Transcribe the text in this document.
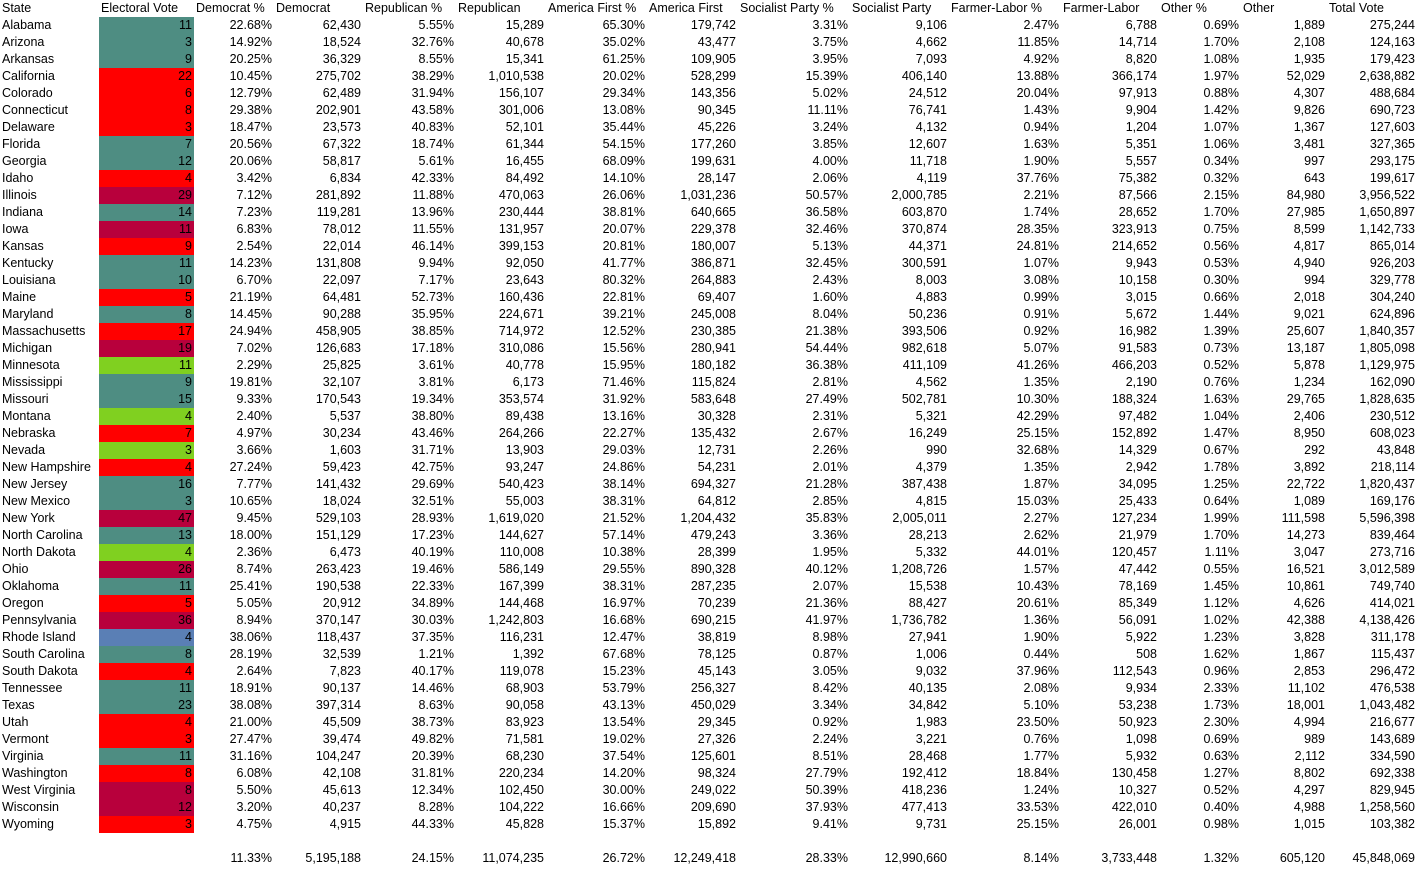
State	Electoral Vote	Democrat %	Democrat	Republican %	Republican	America First %	America First	Socialist Party %	Socialist Party	Farmer-Labor %	Farmer-Labor	Other %	Other	Total Vote
Alabama	11	22.68%	62,430	5.55%	15,289	65.30%	179,742	3.31%	9,106	2.47%	6,788	0.69%	1,889	275,244
Arizona	3	14.92%	18,524	32.76%	40,678	35.02%	43,477	3.75%	4,662	11.85%	14,714	1.70%	2,108	124,163
Arkansas	9	20.25%	36,329	8.55%	15,341	61.25%	109,905	3.95%	7,093	4.92%	8,820	1.08%	1,935	179,423
California	22	10.45%	275,702	38.29%	1,010,538	20.02%	528,299	15.39%	406,140	13.88%	366,174	1.97%	52,029	2,638,882
Colorado	6	12.79%	62,489	31.94%	156,107	29.34%	143,356	5.02%	24,512	20.04%	97,913	0.88%	4,307	488,684
Connecticut	8	29.38%	202,901	43.58%	301,006	13.08%	90,345	11.11%	76,741	1.43%	9,904	1.42%	9,826	690,723
Delaware	3	18.47%	23,573	40.83%	52,101	35.44%	45,226	3.24%	4,132	0.94%	1,204	1.07%	1,367	127,603
Florida	7	20.56%	67,322	18.74%	61,344	54.15%	177,260	3.85%	12,607	1.63%	5,351	1.06%	3,481	327,365
Georgia	12	20.06%	58,817	5.61%	16,455	68.09%	199,631	4.00%	11,718	1.90%	5,557	0.34%	997	293,175
Idaho	4	3.42%	6,834	42.33%	84,492	14.10%	28,147	2.06%	4,119	37.76%	75,382	0.32%	643	199,617
Illinois	29	7.12%	281,892	11.88%	470,063	26.06%	1,031,236	50.57%	2,000,785	2.21%	87,566	2.15%	84,980	3,956,522
Indiana	14	7.23%	119,281	13.96%	230,444	38.81%	640,665	36.58%	603,870	1.74%	28,652	1.70%	27,985	1,650,897
Iowa	11	6.83%	78,012	11.55%	131,957	20.07%	229,378	32.46%	370,874	28.35%	323,913	0.75%	8,599	1,142,733
Kansas	9	2.54%	22,014	46.14%	399,153	20.81%	180,007	5.13%	44,371	24.81%	214,652	0.56%	4,817	865,014
Kentucky	11	14.23%	131,808	9.94%	92,050	41.77%	386,871	32.45%	300,591	1.07%	9,943	0.53%	4,940	926,203
Louisiana	10	6.70%	22,097	7.17%	23,643	80.32%	264,883	2.43%	8,003	3.08%	10,158	0.30%	994	329,778
Maine	5	21.19%	64,481	52.73%	160,436	22.81%	69,407	1.60%	4,883	0.99%	3,015	0.66%	2,018	304,240
Maryland	8	14.45%	90,288	35.95%	224,671	39.21%	245,008	8.04%	50,236	0.91%	5,672	1.44%	9,021	624,896
Massachusetts	17	24.94%	458,905	38.85%	714,972	12.52%	230,385	21.38%	393,506	0.92%	16,982	1.39%	25,607	1,840,357
Michigan	19	7.02%	126,683	17.18%	310,086	15.56%	280,941	54.44%	982,618	5.07%	91,583	0.73%	13,187	1,805,098
Minnesota	11	2.29%	25,825	3.61%	40,778	15.95%	180,182	36.38%	411,109	41.26%	466,203	0.52%	5,878	1,129,975
Mississippi	9	19.81%	32,107	3.81%	6,173	71.46%	115,824	2.81%	4,562	1.35%	2,190	0.76%	1,234	162,090
Missouri	15	9.33%	170,543	19.34%	353,574	31.92%	583,648	27.49%	502,781	10.30%	188,324	1.63%	29,765	1,828,635
Montana	4	2.40%	5,537	38.80%	89,438	13.16%	30,328	2.31%	5,321	42.29%	97,482	1.04%	2,406	230,512
Nebraska	7	4.97%	30,234	43.46%	264,266	22.27%	135,432	2.67%	16,249	25.15%	152,892	1.47%	8,950	608,023
Nevada	3	3.66%	1,603	31.71%	13,903	29.03%	12,731	2.26%	990	32.68%	14,329	0.67%	292	43,848
New Hampshire	4	27.24%	59,423	42.75%	93,247	24.86%	54,231	2.01%	4,379	1.35%	2,942	1.78%	3,892	218,114
New Jersey	16	7.77%	141,432	29.69%	540,423	38.14%	694,327	21.28%	387,438	1.87%	34,095	1.25%	22,722	1,820,437
New Mexico	3	10.65%	18,024	32.51%	55,003	38.31%	64,812	2.85%	4,815	15.03%	25,433	0.64%	1,089	169,176
New York	47	9.45%	529,103	28.93%	1,619,020	21.52%	1,204,432	35.83%	2,005,011	2.27%	127,234	1.99%	111,598	5,596,398
North Carolina	13	18.00%	151,129	17.23%	144,627	57.14%	479,243	3.36%	28,213	2.62%	21,979	1.70%	14,273	839,464
North Dakota	4	2.36%	6,473	40.19%	110,008	10.38%	28,399	1.95%	5,332	44.01%	120,457	1.11%	3,047	273,716
Ohio	26	8.74%	263,423	19.46%	586,149	29.55%	890,328	40.12%	1,208,726	1.57%	47,442	0.55%	16,521	3,012,589
Oklahoma	11	25.41%	190,538	22.33%	167,399	38.31%	287,235	2.07%	15,538	10.43%	78,169	1.45%	10,861	749,740
Oregon	5	5.05%	20,912	34.89%	144,468	16.97%	70,239	21.36%	88,427	20.61%	85,349	1.12%	4,626	414,021
Pennsylvania	36	8.94%	370,147	30.03%	1,242,803	16.68%	690,215	41.97%	1,736,782	1.36%	56,091	1.02%	42,388	4,138,426
Rhode Island	4	38.06%	118,437	37.35%	116,231	12.47%	38,819	8.98%	27,941	1.90%	5,922	1.23%	3,828	311,178
South Carolina	8	28.19%	32,539	1.21%	1,392	67.68%	78,125	0.87%	1,006	0.44%	508	1.62%	1,867	115,437
South Dakota	4	2.64%	7,823	40.17%	119,078	15.23%	45,143	3.05%	9,032	37.96%	112,543	0.96%	2,853	296,472
Tennessee	11	18.91%	90,137	14.46%	68,903	53.79%	256,327	8.42%	40,135	2.08%	9,934	2.33%	11,102	476,538
Texas	23	38.08%	397,314	8.63%	90,058	43.13%	450,029	3.34%	34,842	5.10%	53,238	1.73%	18,001	1,043,482
Utah	4	21.00%	45,509	38.73%	83,923	13.54%	29,345	0.92%	1,983	23.50%	50,923	2.30%	4,994	216,677
Vermont	3	27.47%	39,474	49.82%	71,581	19.02%	27,326	2.24%	3,221	0.76%	1,098	0.69%	989	143,689
Virginia	11	31.16%	104,247	20.39%	68,230	37.54%	125,601	8.51%	28,468	1.77%	5,932	0.63%	2,112	334,590
Washington	8	6.08%	42,108	31.81%	220,234	14.20%	98,324	27.79%	192,412	18.84%	130,458	1.27%	8,802	692,338
West Virginia	8	5.50%	45,613	12.34%	102,450	30.00%	249,022	50.39%	418,236	1.24%	10,327	0.52%	4,297	829,945
Wisconsin	12	3.20%	40,237	8.28%	104,222	16.66%	209,690	37.93%	477,413	33.53%	422,010	0.40%	4,988	1,258,560
Wyoming	3	4.75%	4,915	44.33%	45,828	15.37%	15,892	9.41%	9,731	25.15%	26,001	0.98%	1,015	103,382

		11.33%	5,195,188	24.15%	11,074,235	26.72%	12,249,418	28.33%	12,990,660	8.14%	3,733,448	1.32%	605,120	45,848,069
